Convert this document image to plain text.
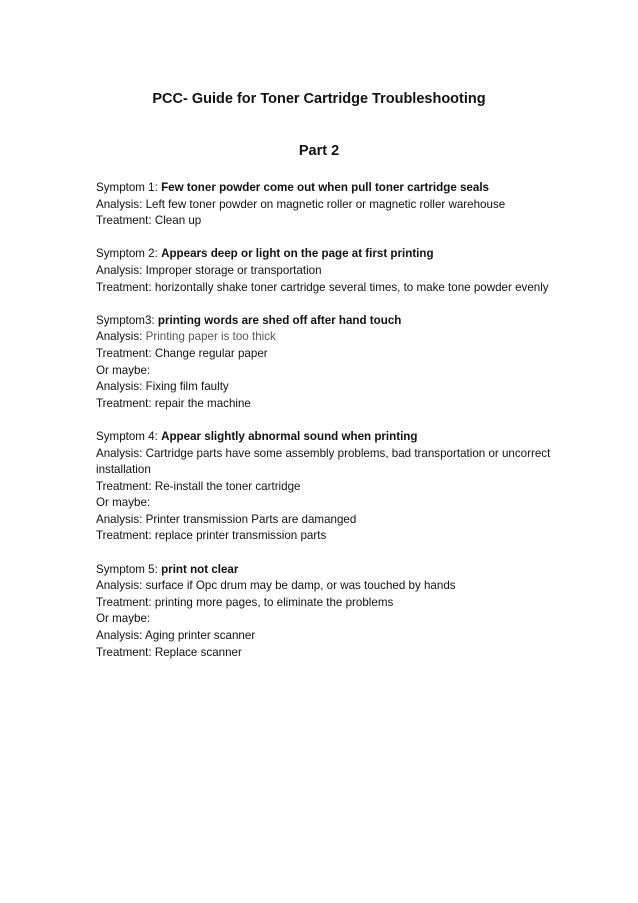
PCC- Guide for Toner Cartridge Troubleshooting
Part 2
Symptom 1: Few toner powder come out when pull toner cartridge seals
Analysis: Left few toner powder on magnetic roller or magnetic roller warehouse
Treatment: Clean up
Symptom 2: Appears deep or light on the page at first printing
Analysis: Improper storage or transportation
Treatment: horizontally shake toner cartridge several times, to make tone powder evenly
Symptom3: printing words are shed off after hand touch
Analysis: Printing paper is too thick
Treatment: Change regular paper
Or maybe:
Analysis: Fixing film faulty
Treatment: repair the machine
Symptom 4: Appear slightly abnormal sound when printing
Analysis: Cartridge parts have some assembly problems, bad transportation or uncorrect installation
Treatment: Re-install the toner cartridge
Or maybe:
Analysis: Printer transmission Parts are damanged
Treatment: replace printer transmission parts
Symptom 5: print not clear
Analysis: surface if Opc drum may be damp, or was touched by hands
Treatment: printing more pages, to eliminate the problems
Or maybe:
Analysis: Aging printer scanner
Treatment: Replace scanner
